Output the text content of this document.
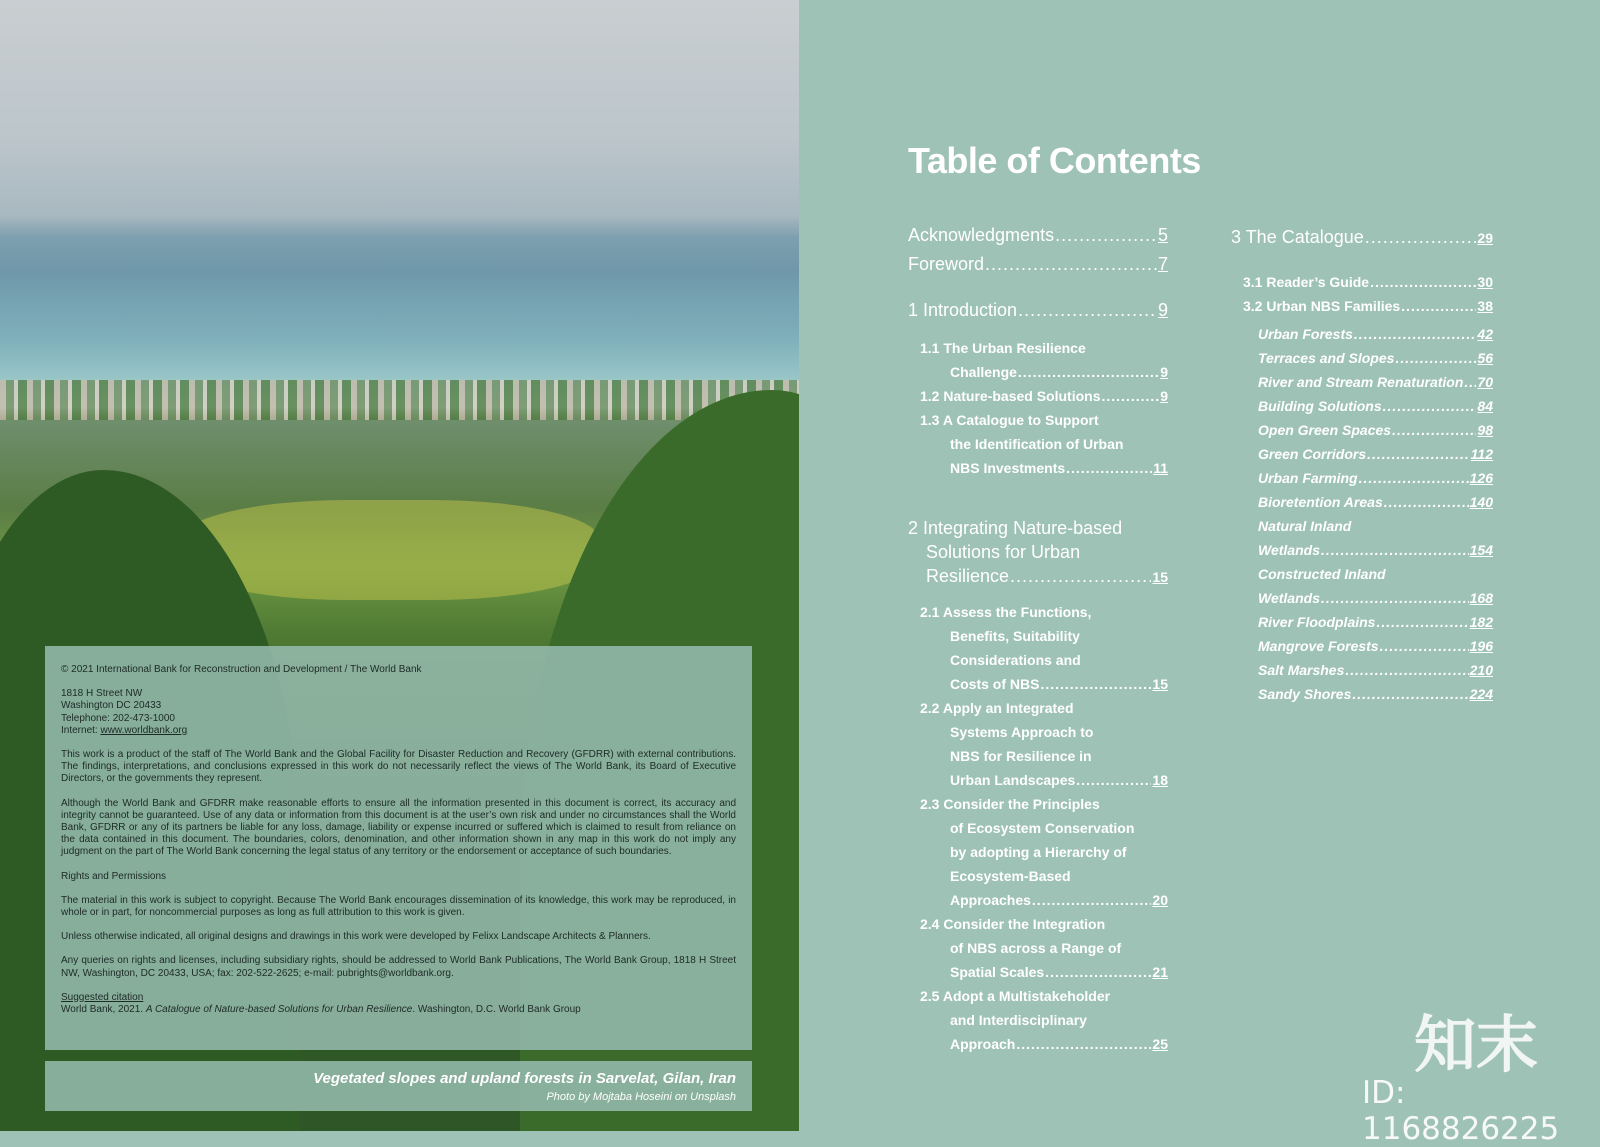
© 2021 International Bank for Reconstruction and Development / The World Bank

1818 H Street NW
Washington DC 20433
Telephone: 202-473-1000
Internet: www.worldbank.org

This work is a product of the staff of The World Bank and the Global Facility for Disaster Reduction and Recovery (GFDRR) with external contributions. The findings, interpretations, and conclusions expressed in this work do not necessarily reflect the views of The World Bank, its Board of Executive Directors, or the governments they represent.

Although the World Bank and GFDRR make reasonable efforts to ensure all the information presented in this document is correct, its accuracy and integrity cannot be guaranteed. Use of any data or information from this document is at the user’s own risk and under no circumstances shall the World Bank, GFDRR or any of its partners be liable for any loss, damage, liability or expense incurred or suffered which is claimed to result from reliance on the data contained in this document. The boundaries, colors, denomination, and other information shown in any map in this work do not imply any judgment on the part of The World Bank concerning the legal status of any territory or the endorsement or acceptance of such boundaries.

Rights and Permissions

The material in this work is subject to copyright. Because The World Bank encourages dissemination of its knowledge, this work may be reproduced, in whole or in part, for noncommercial purposes as long as full attribution to this work is given.

Unless otherwise indicated, all original designs and drawings in this work were developed by Felixx Landscape Architects & Planners.

Any queries on rights and licenses, including subsidiary rights, should be addressed to World Bank Publications, The World Bank Group, 1818 H Street NW, Washington, DC 20433, USA; fax: 202-522-2625; e-mail: pubrights@worldbank.org.

Suggested citation
World Bank, 2021. A Catalogue of Nature-based Solutions for Urban Resilience. Washington, D.C. World Bank Group
Vegetated slopes and upland forests in Sarvelat, Gilan, Iran
Photo by Mojtaba Hoseini on Unsplash
Table of Contents
Acknowledgments .....	5
Foreword .....	7
1 Introduction .....	9
1.1 The Urban Resilience
Challenge .....	9
1.2 Nature-based Solutions .....	9
1.3 A Catalogue to Support
the Identification of Urban
NBS Investments .....	11
2 Integrating Nature-based
Solutions for Urban
Resilience .....	15
2.1 Assess the Functions,
Benefits, Suitability
Considerations and
Costs of NBS .....	15
2.2 Apply an Integrated
Systems Approach to
NBS for Resilience in
Urban Landscapes .....	18
2.3 Consider the Principles
of Ecosystem Conservation
by adopting a Hierarchy of
Ecosystem-Based
Approaches .....	20
2.4 Consider the Integration
of NBS across a Range of
Spatial Scales .....	21
2.5 Adopt a Multistakeholder
and Interdisciplinary
Approach .....	25
3 The Catalogue .....	29
3.1 Reader’s Guide .....	30
3.2 Urban NBS Families .....	38
Urban Forests .....	42
Terraces and Slopes .....	56
River and Stream Renaturation ..... 70
Building Solutions .....	84
Open Green Spaces .....	98
Green Corridors .....	112
Urban Farming .....	126
Bioretention Areas .....	140
Natural Inland
Wetlands .....	154
Constructed Inland
Wetlands .....	168
River Floodplains .....	182
Mangrove Forests .....	196
Salt Marshes .....	210
Sandy Shores .....	224
知末
ID: 1168826225
